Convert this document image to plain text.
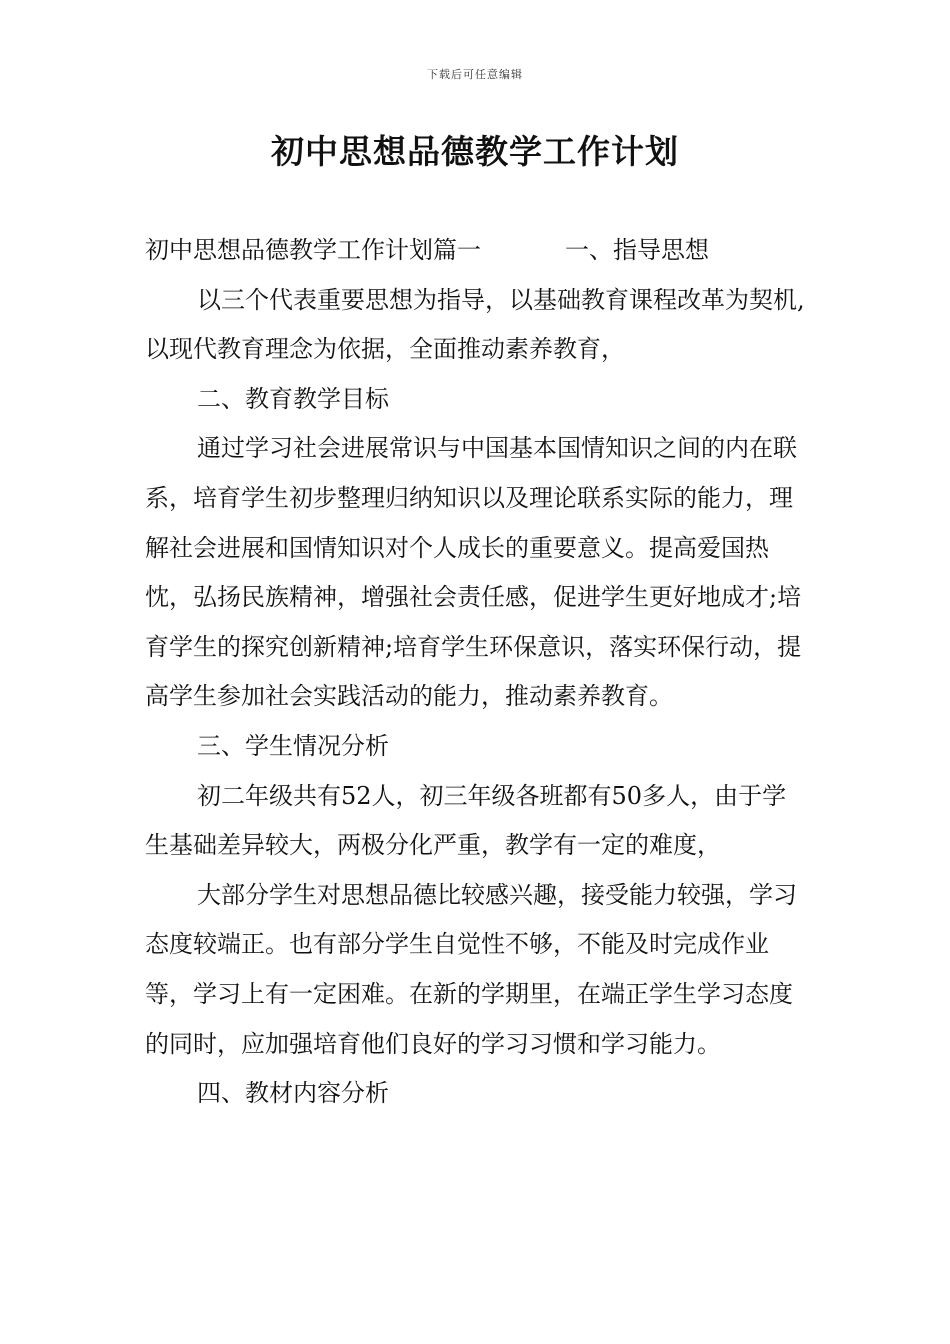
下载后可任意编辑
初中思想品德教学工作计划

初中思想品德教学工作计划篇一	一、指导思想

以三个代表重要思想为指导，以基础教育课程改革为契机,以现代教育理念为依据，全面推动素养教育，

二、教育教学目标

通过学习社会进展常识与中国基本国情知识之间的内在联系，培育学生初步整理归纳知识以及理论联系实际的能力，理解社会进展和国情知识对个人成长的重要意义。提高爱国热忱，弘扬民族精神，增强社会责任感，促进学生更好地成才;培育学生的探究创新精神;培育学生环保意识，落实环保行动，提高学生参加社会实践活动的能力，推动素养教育。

三、学生情况分析

初二年级共有52人，初三年级各班都有50多人，由于学生基础差异较大，两极分化严重，教学有一定的难度，

大部分学生对思想品德比较感兴趣，接受能力较强，学习态度较端正。也有部分学生自觉性不够，不能及时完成作业等，学习上有一定困难。在新的学期里，在端正学生学习态度的同时，应加强培育他们良好的学习习惯和学习能力。

四、教材内容分析
